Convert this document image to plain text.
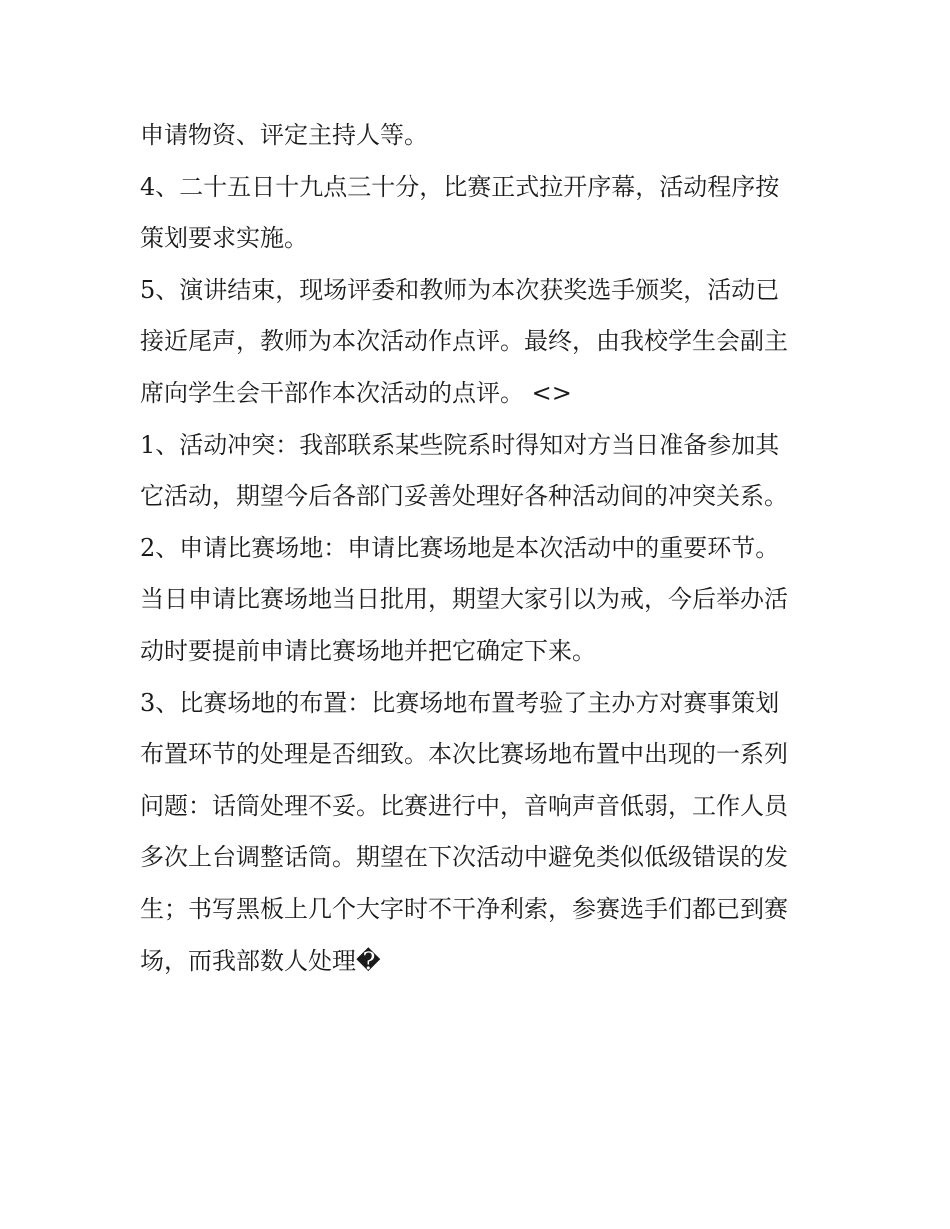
申请物资、评定主持人等。
4、二十五日十九点三十分，比赛正式拉开序幕，活动程序按
策划要求实施。
5、演讲结束，现场评委和教师为本次获奖选手颁奖，活动已
接近尾声，教师为本次活动作点评。最终，由我校学生会副主
席向学生会干部作本次活动的点评。 <>
1、活动冲突：我部联系某些院系时得知对方当日准备参加其
它活动，期望今后各部门妥善处理好各种活动间的冲突关系。
2、申请比赛场地：申请比赛场地是本次活动中的重要环节。
当日申请比赛场地当日批用，期望大家引以为戒，今后举办活
动时要提前申请比赛场地并把它确定下来。
3、比赛场地的布置：比赛场地布置考验了主办方对赛事策划
布置环节的处理是否细致。本次比赛场地布置中出现的一系列
问题：话筒处理不妥。比赛进行中，音响声音低弱，工作人员
多次上台调整话筒。期望在下次活动中避免类似低级错误的发
生；书写黑板上几个大字时不干净利索，参赛选手们都已到赛
场，而我部数人处理�
